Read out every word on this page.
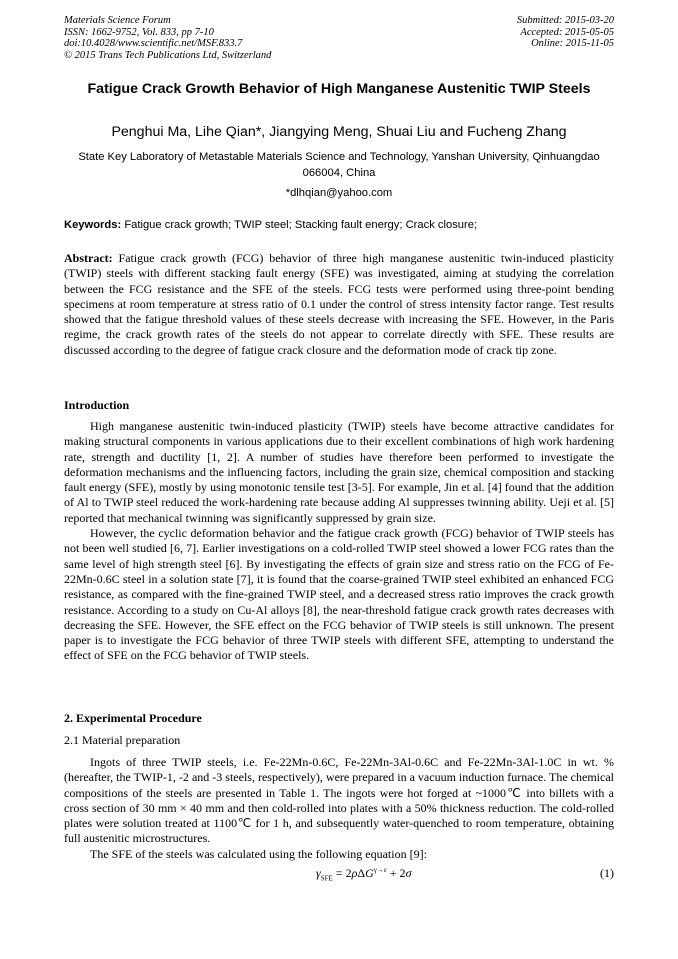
Materials Science Forum
ISSN: 1662-9752, Vol. 833, pp 7-10
doi:10.4028/www.scientific.net/MSF.833.7
© 2015 Trans Tech Publications Ltd, Switzerland
Submitted: 2015-03-20
Accepted: 2015-05-05
Online: 2015-11-05
Fatigue Crack Growth Behavior of High Manganese Austenitic TWIP Steels
Penghui Ma, Lihe Qian*, Jiangying Meng, Shuai Liu and Fucheng Zhang
State Key Laboratory of Metastable Materials Science and Technology, Yanshan University, Qinhuangdao 066004, China
*dlhqian@yahoo.com
Keywords: Fatigue crack growth; TWIP steel; Stacking fault energy; Crack closure;
Abstract: Fatigue crack growth (FCG) behavior of three high manganese austenitic twin-induced plasticity (TWIP) steels with different stacking fault energy (SFE) was investigated, aiming at studying the correlation between the FCG resistance and the SFE of the steels. FCG tests were performed using three-point bending specimens at room temperature at stress ratio of 0.1 under the control of stress intensity factor range. Test results showed that the fatigue threshold values of these steels decrease with increasing the SFE. However, in the Paris regime, the crack growth rates of the steels do not appear to correlate directly with SFE. These results are discussed according to the degree of fatigue crack closure and the deformation mode of crack tip zone.
Introduction

High manganese austenitic twin-induced plasticity (TWIP) steels have become attractive candidates for making structural components in various applications due to their excellent combinations of high work hardening rate, strength and ductility [1, 2]. A number of studies have therefore been performed to investigate the deformation mechanisms and the influencing factors, including the grain size, chemical composition and stacking fault energy (SFE), mostly by using monotonic tensile test [3-5]. For example, Jin et al. [4] found that the addition of Al to TWIP steel reduced the work-hardening rate because adding Al suppresses twinning ability. Ueji et al. [5] reported that mechanical twinning was significantly suppressed by grain size.

However, the cyclic deformation behavior and the fatigue crack growth (FCG) behavior of TWIP steels has not been well studied [6, 7]. Earlier investigations on a cold-rolled TWIP steel showed a lower FCG rates than the same level of high strength steel [6]. By investigating the effects of grain size and stress ratio on the FCG of Fe-22Mn-0.6C steel in a solution state [7], it is found that the coarse-grained TWIP steel exhibited an enhanced FCG resistance, as compared with the fine-grained TWIP steel, and a decreased stress ratio improves the crack growth resistance. According to a study on Cu-Al alloys [8], the near-threshold fatigue crack growth rates decreases with decreasing the SFE. However, the SFE effect on the FCG behavior of TWIP steels is still unknown. The present paper is to investigate the FCG behavior of three TWIP steels with different SFE, attempting to understand the effect of SFE on the FCG behavior of TWIP steels.

2. Experimental Procedure
2.1 Material preparation

Ingots of three TWIP steels, i.e. Fe-22Mn-0.6C, Fe-22Mn-3Al-0.6C and Fe-22Mn-3Al-1.0C in wt. % (hereafter, the TWIP-1, -2 and -3 steels, respectively), were prepared in a vacuum induction furnace. The chemical compositions of the steels are presented in Table 1. The ingots were hot forged at ~1000℃ into billets with a cross section of 30 mm × 40 mm and then cold-rolled into plates with a 50% thickness reduction. The cold-rolled plates were solution treated at 1100℃ for 1 h, and subsequently water-quenched to room temperature, obtaining full austenitic microstructures.

The SFE of the steels was calculated using the following equation [9]:

$\gamma_{SFE} = 2\rho\Delta G^{\gamma\to\varepsilon} + 2\sigma$	(1)
